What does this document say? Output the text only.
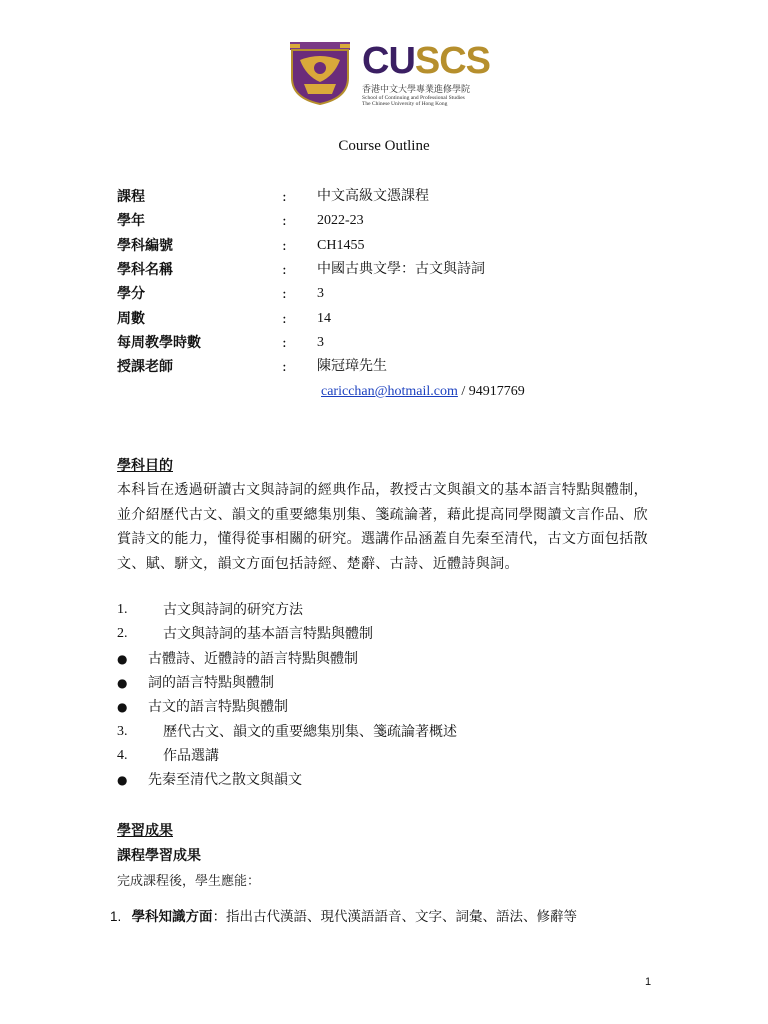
CUSCS
香港中文大學專業進修學院
School of Continuing and Professional Studies
The Chinese University of Hong Kong
Course Outline
課程	: 中文高級文憑課程
學年	: 2022-23
學科編號	: CH1455
學科名稱	: 中國古典文學：古文與詩詞
學分	: 3
周數	: 14
每周教學時數	: 3
授課老師	: 陳冠璋先生
caricchan@hotmail.com / 94917769
學科目的
本科旨在透過研讀古文與詩詞的經典作品，教授古文與韻文的基本語言特點與體制，並介紹歷代古文、韻文的重要總集別集、箋疏論著，藉此提高同學閱讀文言作品、欣賞詩文的能力，懂得從事相關的研究。選講作品涵蓋自先秦至清代，古文方面包括散文、賦、駢文，韻文方面包括詩經、楚辭、古詩、近體詩與詞。
1.	古文與詩詞的研究方法
2.	古文與詩詞的基本語言特點與體制
● 古體詩、近體詩的語言特點與體制
● 詞的語言特點與體制
● 古文的語言特點與體制
3.	歷代古文、韻文的重要總集別集、箋疏論著概述
4.	作品選講
● 先秦至清代之散文與韻文
學習成果
課程學習成果
完成課程後，學生應能：
1. 學科知識方面：指出古代漢語、現代漢語語音、文字、詞彙、語法、修辭等
1
